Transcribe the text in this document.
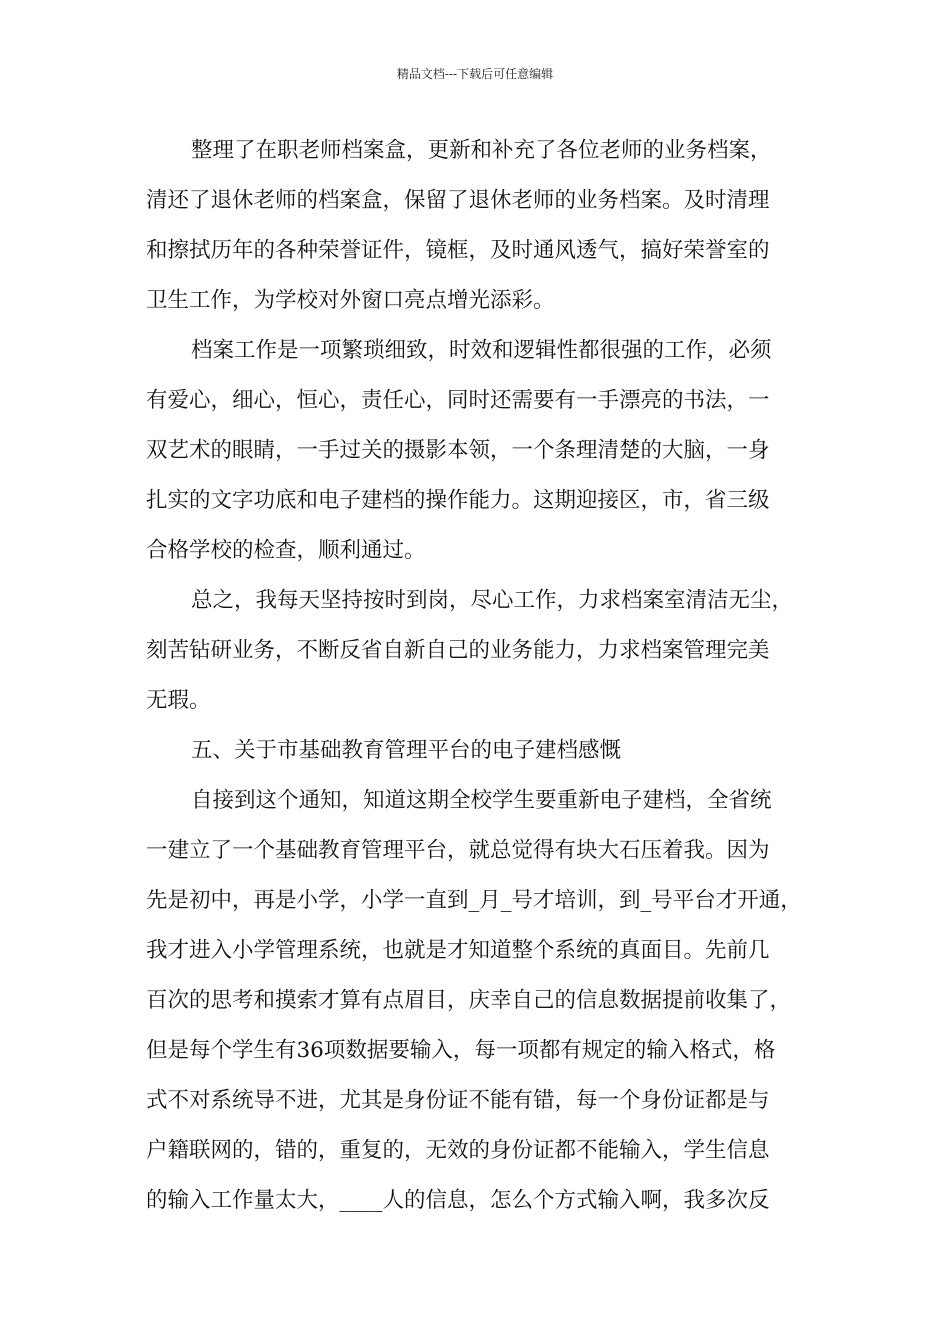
精品文档---下载后可任意编辑
整理了在职老师档案盒，更新和补充了各位老师的业务档案，
清还了退休老师的档案盒，保留了退休老师的业务档案。及时清理
和擦拭历年的各种荣誉证件，镜框，及时通风透气，搞好荣誉室的
卫生工作，为学校对外窗口亮点增光添彩。
档案工作是一项繁琐细致，时效和逻辑性都很强的工作，必须
有爱心，细心，恒心，责任心，同时还需要有一手漂亮的书法，一
双艺术的眼睛，一手过关的摄影本领，一个条理清楚的大脑，一身
扎实的文字功底和电子建档的操作能力。这期迎接区，市，省三级
合格学校的检查，顺利通过。
总之，我每天坚持按时到岗，尽心工作，力求档案室清洁无尘，
刻苦钻研业务，不断反省自新自己的业务能力，力求档案管理完美
无瑕。
五、关于市基础教育管理平台的电子建档感慨
自接到这个通知，知道这期全校学生要重新电子建档，全省统
一建立了一个基础教育管理平台，就总觉得有块大石压着我。因为
先是初中，再是小学，小学一直到_月_号才培训，到_号平台才开通，
我才进入小学管理系统，也就是才知道整个系统的真面目。先前几
百次的思考和摸索才算有点眉目，庆幸自己的信息数据提前收集了，
但是每个学生有36项数据要输入，每一项都有规定的输入格式，格
式不对系统导不进，尤其是身份证不能有错，每一个身份证都是与
户籍联网的，错的，重复的，无效的身份证都不能输入，学生信息
的输入工作量太大，____人的信息，怎么个方式输入啊，我多次反
